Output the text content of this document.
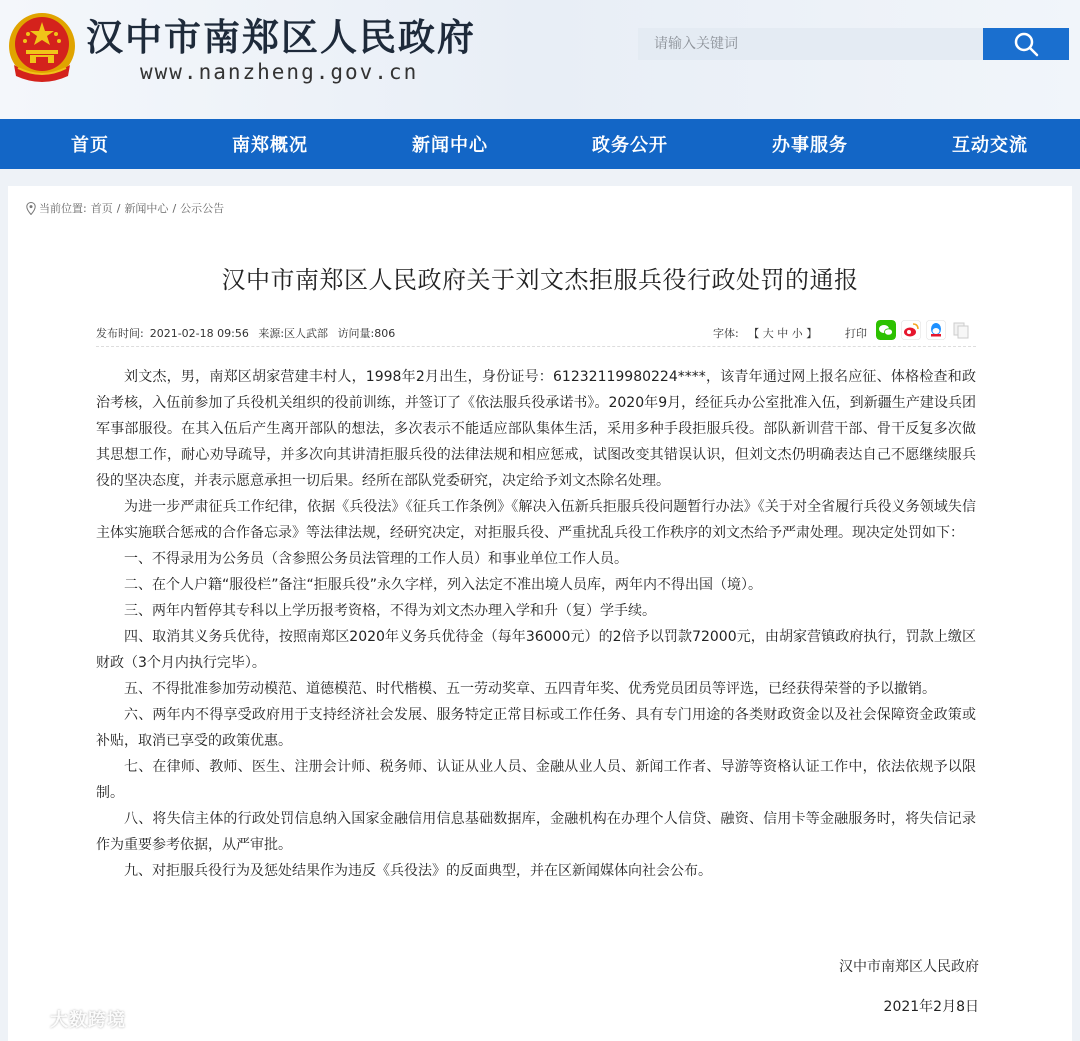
汉中市南郑区人民政府
www.nanzheng.gov.cn
请输入关键词
首页	南郑概况	新闻中心	政务公开	办事服务	互动交流
当前位置: 首页 / 新闻中心 / 公示公告
汉中市南郑区人民政府关于刘文杰拒服兵役行政处罚的通报
发布时间: 2021-02-18 09:56 来源:区人武部 访问量:806	字体: 【 大 中 小 】	打印

刘文杰，男，南郑区胡家营建丰村人，1998年2月出生，身份证号：61232119980224****，该青年通过网上报名应征、体格检查和政治考核，入伍前参加了兵役机关组织的役前训练，并签订了《依法服兵役承诺书》。2020年9月，经征兵办公室批准入伍，到新疆生产建设兵团军事部服役。在其入伍后产生离开部队的想法，多次表示不能适应部队集体生活，采用多种手段拒服兵役。部队新训营干部、骨干反复多次做其思想工作，耐心劝导疏导，并多次向其讲清拒服兵役的法律法规和相应惩戒，试图改变其错误认识，但刘文杰仍明确表达自己不愿继续服兵役的坚决态度，并表示愿意承担一切后果。经所在部队党委研究，决定给予刘文杰除名处理。

为进一步严肃征兵工作纪律，依据《兵役法》《征兵工作条例》《解决入伍新兵拒服兵役问题暂行办法》《关于对全省履行兵役义务领域失信主体实施联合惩戒的合作备忘录》等法律法规，经研究决定，对拒服兵役、严重扰乱兵役工作秩序的刘文杰给予严肃处理。现决定处罚如下：

一、不得录用为公务员（含参照公务员法管理的工作人员）和事业单位工作人员。

二、在个人户籍“服役栏”备注“拒服兵役”永久字样，列入法定不准出境人员库，两年内不得出国（境）。

三、两年内暂停其专科以上学历报考资格，不得为刘文杰办理入学和升（复）学手续。

四、取消其义务兵优待，按照南郑区2020年义务兵优待金（每年36000元）的2倍予以罚款72000元，由胡家营镇政府执行，罚款上缴区财政（3个月内执行完毕）。

五、不得批准参加劳动模范、道德模范、时代楷模、五一劳动奖章、五四青年奖、优秀党员团员等评选，已经获得荣誉的予以撤销。

六、两年内不得享受政府用于支持经济社会发展、服务特定正常目标或工作任务、具有专门用途的各类财政资金以及社会保障资金政策或补贴，取消已享受的政策优惠。

七、在律师、教师、医生、注册会计师、税务师、认证从业人员、金融从业人员、新闻工作者、导游等资格认证工作中，依法依规予以限制。

八、将失信主体的行政处罚信息纳入国家金融信用信息基础数据库，金融机构在办理个人信贷、融资、信用卡等金融服务时，将失信记录作为重要参考依据，从严审批。

九、对拒服兵役行为及惩处结果作为违反《兵役法》的反面典型，并在区新闻媒体向社会公布。

汉中市南郑区人民政府
2021年2月8日
大数跨境
